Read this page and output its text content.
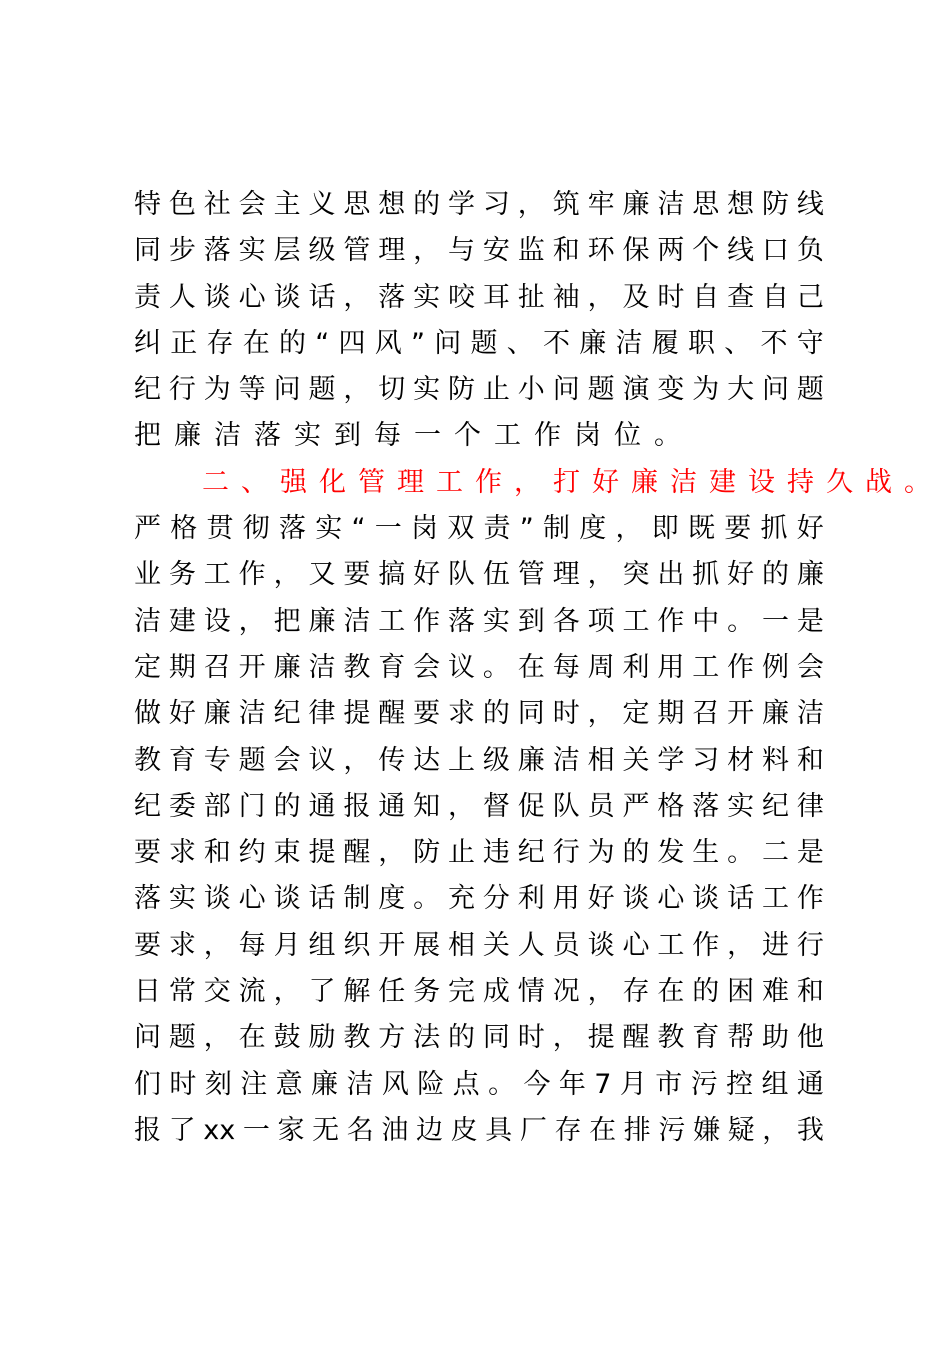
特 色 社 会 主 义 思 想 的 学 习 ， 筑 牢 廉 洁 思 想 防 线
同 步 落 实 层 级 管 理 ， 与 安 监 和 环 保 两 个 线 口 负
责 人 谈 心 谈 话 ， 落 实 咬 耳 扯 袖 ， 及 时 自 查 自 己
纠 正 存 在 的 “ 四 风 ” 问 题 、 不 廉 洁 履 职 、 不 守
纪 行 为 等 问 题 ， 切 实 防 止 小 问 题 演 变 为 大 问 题
把 廉 洁 落 实 到 每 一 个 工 作 岗 位 。
二、强化管理工作，打好廉洁建设持久战。
严 格 贯 彻 落 实 “ 一 岗 双 责 ” 制 度 ， 即 既 要 抓 好
业 务 工 作 ， 又 要 搞 好 队 伍 管 理 ， 突 出 抓 好 的 廉
洁 建 设 ， 把 廉 洁 工 作 落 实 到 各 项 工 作 中 。 一 是
定 期 召 开 廉 洁 教 育 会 议 。 在 每 周 利 用 工 作 例 会
做 好 廉 洁 纪 律 提 醒 要 求 的 同 时 ， 定 期 召 开 廉 洁
教 育 专 题 会 议 ， 传 达 上 级 廉 洁 相 关 学 习 材 料 和
纪 委 部 门 的 通 报 通 知 ， 督 促 队 员 严 格 落 实 纪 律
要 求 和 约 束 提 醒 ， 防 止 违 纪 行 为 的 发 生 。 二 是
落 实 谈 心 谈 话 制 度 。 充 分 利 用 好 谈 心 谈 话 工 作
要 求 ， 每 月 组 织 开 展 相 关 人 员 谈 心 工 作 ， 进 行
日 常 交 流 ， 了 解 任 务 完 成 情 况 ， 存 在 的 困 难 和
问 题 ， 在 鼓 励 教 方 法 的 同 时 ， 提 醒 教 育 帮 助 他
们 时 刻 注 意 廉 洁 风 险 点 。 今 年 7 月 市 污 控 组 通
报 了 xx 一 家 无 名 油 边 皮 具 厂 存 在 排 污 嫌 疑 ， 我
